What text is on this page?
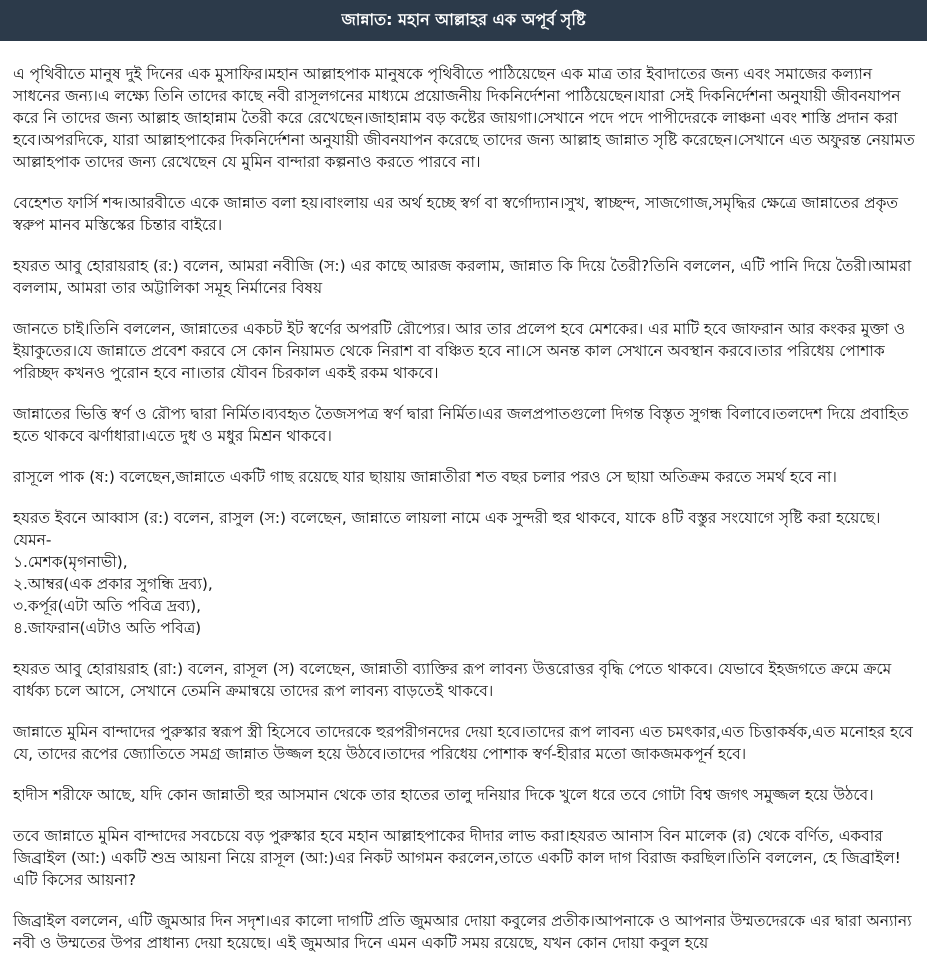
জান্নাত: মহান আল্লাহর এক অপূর্ব সৃষ্টি

এ পৃথিবীতে মানুষ দুই দিনের এক মুসাফির।মহান আল্লাহপাক মানুষকে পৃথিবীতে পাঠিয়েছেন এক মাত্র তার ইবাদাতের জন্য এবং সমাজের কল্যান সাধনের জন্য।এ লক্ষ্যে তিনি তাদের কাছে নবী রাসূলগনের মাধ্যমে প্রয়োজনীয় দিকনির্দেশনা পাঠিয়েছেন।যারা সেই দিকনির্দেশনা অনুযায়ী জীবনযাপন করে নি তাদের জন্য আল্লাহ জাহান্নাম তৈরী করে রেখেছেন।জাহান্নাম বড় কষ্টের জায়গা।সেখানে পদে পদে পাপীদেরকে লাঞ্চনা এবং শাস্তি প্রদান করা হবে।অপরদিকে, যারা আল্লাহপাকের দিকনির্দেশনা অনুযায়ী জীবনযাপন করেছে তাদের জন্য আল্লাহ জান্নাত সৃষ্টি করেছেন।সেখানে এত অফুরন্ত নেয়ামত আল্লাহপাক তাদের জন্য রেখেছেন যে মুমিন বান্দারা কল্পনাও করতে পারবে না।

বেহেশত ফার্সি শব্দ।আরবীতে একে জান্নাত বলা হয়।বাংলায় এর অর্থ হচ্ছে স্বর্গ বা স্বর্গোদ্যান।সুখ, স্বাচ্ছন্দ, সাজগোজ,সমৃদ্ধির ক্ষেত্রে জান্নাতের প্রকৃত স্বরুপ মানব মস্তিস্কের চিন্তার বাইরে।

হযরত আবু হোরায়রাহ (র:) বলেন, আমরা নবীজি (স:) এর কাছে আরজ করলাম, জান্নাত কি দিয়ে তৈরী?তিনি বললেন, এটি পানি দিয়ে তৈরী।আমরা বললাম, আমরা তার অট্টালিকা সমূহ নির্মানের বিষয়

জানতে চাই।তিনি বললেন, জান্নাতের একচট ইট স্বর্ণের অপরটি রৌপ্যের। আর তার প্রলেপ হবে মেশকের। এর মাটি হবে জাফরান আর কংকর মুক্তা ও ইয়াকুতের।যে জান্নাতে প্রবেশ করবে সে কোন নিয়ামত থেকে নিরাশ বা বঞ্চিত হবে না।সে অনন্ত কাল সেখানে অবস্থান করবে।তার পরিধেয় পোশাক পরিচ্ছদ কখনও পুরোন হবে না।তার যৌবন চিরকাল একই রকম থাকবে।

জান্নাতের ভিত্তি স্বর্ণ ও রৌপ্য দ্বারা নির্মিত।ব্যবহৃত তৈজসপত্র স্বর্ণ দ্বারা নির্মিত।এর জলপ্রপাতগুলো দিগন্ত বিস্তৃত সুগন্ধ বিলাবে।তলদেশ দিয়ে প্রবাহিত হতে থাকবে ঝর্ণাধারা।এতে দুধ ও মধুর মিশ্রন থাকবে।

রাসূলে পাক (ষ:) বলেছেন,জান্নাতে একটি গাছ রয়েছে যার ছায়ায় জান্নাতীরা শত বছর চলার পরও সে ছায়া অতিক্রম করতে সমর্থ হবে না।

হযরত ইবনে আব্বাস (র:) বলেন, রাসুল (স:) বলেছেন, জান্নাতে লায়লা নামে এক সুন্দরী হুর থাকবে, যাকে ৪টি বস্তুর সংযোগে সৃষ্টি করা হয়েছে। যেমন-
১.মেশক(মৃগনাভী),
২.আম্বর(এক প্রকার সুগন্ধি দ্রব্য),
৩.কর্পূর(এটা অতি পবিত্র দ্রব্য),
৪.জাফরান(এটাও অতি পবিত্র)

হযরত আবু হোরায়রাহ (রা:) বলেন, রাসূল (স) বলেছেন, জান্নাতী ব্যাক্তির রূপ লাবন্য উত্তরোত্তর বৃদ্ধি পেতে থাকবে। যেভাবে ইহজগতে ক্রমে ক্রমে বার্ধক্য চলে আসে, সেখানে তেমনি ক্রমান্বয়ে তাদের রূপ লাবন্য বাড়তেই থাকবে।

জান্নাতে মুমিন বান্দাদের পুরুস্কার স্বরূপ স্ত্রী হিসেবে তাদেরকে হুরপরীগনদের দেয়া হবে।তাদের রূপ লাবন্য এত চমৎকার,এত চিত্তাকর্ষক,এত মনোহর হবে যে, তাদের রূপের জ্যোতিতে সমগ্র জান্নাত উজ্জল হয়ে উঠবে।তাদের পরিধেয় পোশাক স্বর্ণ-হীরার মতো জাকজমকপূর্ন হবে।

হাদীস শরীফে আছে, যদি কোন জান্নাতী হুর আসমান থেকে তার হাতের তালু দনিয়ার দিকে খুলে ধরে তবে গোটা বিশ্ব জগৎ সমুজ্জল হয়ে উঠবে।

তবে জান্নাতে মুমিন বান্দাদের সবচেয়ে বড় পুরুস্কার হবে মহান আল্লাহপাকের দীদার লাভ করা।হযরত আনাস বিন মালেক (র) থেকে বর্ণিত, একবার জিব্রাইল (আ:) একটি শুভ্র আয়না নিয়ে রাসূল (আ:)এর নিকট আগমন করলেন,তাতে একটি কাল দাগ বিরাজ করছিল।তিনি বললেন, হে জিব্রাইল!এটি কিসের আয়না?

জিব্রাইল বললেন, এটি জুমআর দিন সদৃশ।এর কালো দাগটি প্রতি জুমআর দোয়া কবুলের প্রতীক।আপনাকে ও আপনার উম্মতদেরকে এর দ্বারা অন্যান্য নবী ও উম্মতের উপর প্রাধান্য দেয়া হয়েছে। এই জুমআর দিনে এমন একটি সময় রয়েছে, যখন কোন দোয়া কবুল হয়ে
